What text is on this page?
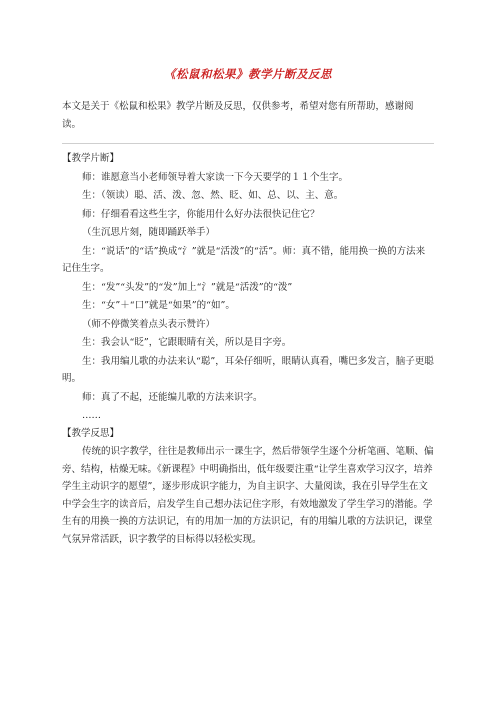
《松鼠和松果》教学片断及反思

本文是关于《松鼠和松果》教学片断及反思，仅供参考，希望对您有所帮助，感谢阅读。

【教学片断】

师：谁愿意当小老师领导着大家读一下今天要学的１１个生字。

生：（领读）聪、活、泼、忽、然、眨、如、总、以、主、意。

师：仔细看看这些生字，你能用什么好办法很快记住它？

（生沉思片刻，随即踊跃举手）

生：“说话”的“话”换成“氵”就是“活泼”的“活”。师：真不错，能用换一换的方法来记住生字。

生：“发”“头发”的“发”加上“氵”就是“活泼”的“泼”

生：“女”＋“口”就是“如果”的“如”。

（师不停微笑着点头表示赞许）

生：我会认“眨”，它跟眼睛有关，所以是目字旁。

生：我用编儿歌的办法来认“聪”，耳朵仔细听，眼睛认真看，嘴巴多发言，脑子更聪明。

师：真了不起，还能编儿歌的方法来识字。

……

【教学反思】

传统的识字教学，往往是教师出示一课生字，然后带领学生逐个分析笔画、笔顺、偏旁、结构，枯燥无味。《新课程》中明确指出，低年级要注重“让学生喜欢学习汉字，培养学生主动识字的愿望”，逐步形成识字能力，为自主识字、大量阅读，我在引导学生在文中学会生字的读音后，启发学生自己想办法记住字形，有效地激发了学生学习的潜能。学生有的用换一换的方法识记，有的用加一加的方法识记，有的用编儿歌的方法识记，课堂气氛异常活跃，识字教学的目标得以轻松实现。
